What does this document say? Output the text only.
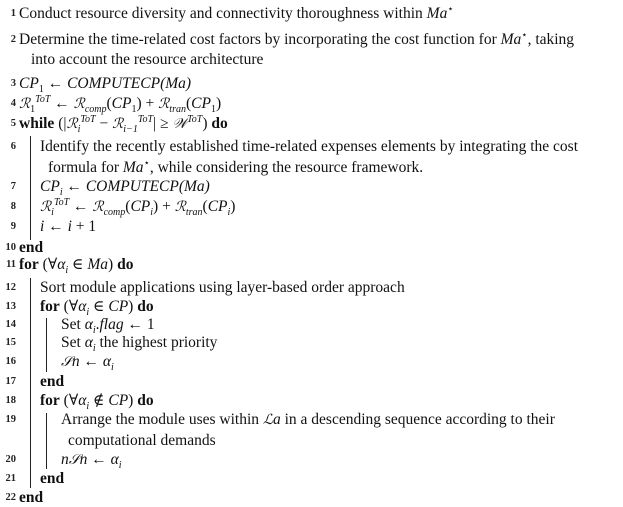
1
2
3
4
5
6
7
8
9
10
11
12
13
14
15
16
17
18
19
20
21
22
Conduct resource diversity and connectivity thoroughness within Ma⋆
Determine the time-related cost factors by incorporating the cost function for Ma⋆, taking
into account the resource architecture
$CP_1$ ← COMPUTECP(Ma)
ℛ$_1^{ToT}$ ← $ℛ_{comp}(CP_1)$ + $ℛ_{tran}(CP_1)$
while (|ℛ$_i^{ToT}$ − ℛ$_{i-1}^{ToT}$| ≥ 𝒲$^{ToT}$) do
Identify the recently established time-related expenses elements by integrating the cost
formula for Ma⋆, while considering the resource framework.
$CP_i$ ← COMPUTECP(Ma)
ℛ$_i^{ToT}$ ← $ℛ_{comp}(CP_i)$ + $ℛ_{tran}(CP_i)$
i ← i + 1
end
for ($\forall\alpha_i$ ∈ Ma) do
Sort module applications using layer-based order approach
for ($\forall\alpha_i$ ∈ CP) do
Set $\alpha_i.flag$ ← 1
Set $\alpha_i$ the highest priority
𝒮n ← $\alpha_i$
end
for ($\forall\alpha_i$ ∉ CP) do
Arrange the module uses within ℒa in a descending sequence according to their
computational demands
n𝒮n ← $\alpha_i$
end
end
